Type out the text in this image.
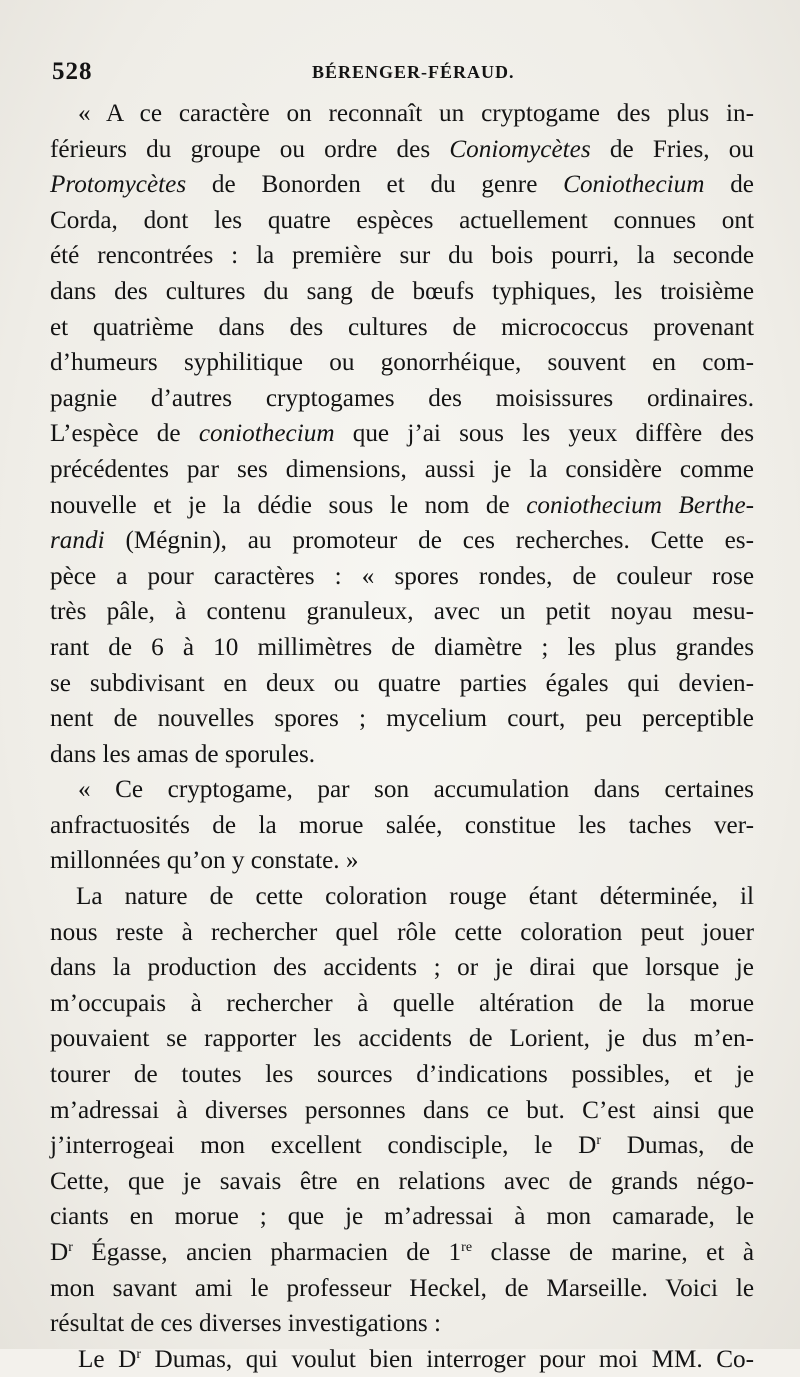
528	BÉRENGER-FÉRAUD.
« A ce caractère on reconnaît un cryptogame des plus in-
férieurs du groupe ou ordre des Coniomycètes de Fries, ou
Protomycètes de Bonorden et du genre Coniothecium de
Corda, dont les quatre espèces actuellement connues ont
été rencontrées : la première sur du bois pourri, la seconde
dans des cultures du sang de bœufs typhiques, les troisième
et quatrième dans des cultures de micrococcus provenant
d’humeurs syphilitique ou gonorrhéique, souvent en com-
pagnie d’autres cryptogames des moisissures ordinaires.
L’espèce de coniothecium que j’ai sous les yeux diffère des
précédentes par ses dimensions, aussi je la considère comme
nouvelle et je la dédie sous le nom de coniothecium Berthe-
randi (Mégnin), au promoteur de ces recherches. Cette es-
pèce a pour caractères : « spores rondes, de couleur rose
très pâle, à contenu granuleux, avec un petit noyau mesu-
rant de 6 à 10 millimètres de diamètre ; les plus grandes
se subdivisant en deux ou quatre parties égales qui devien-
nent de nouvelles spores ; mycelium court, peu perceptible
dans les amas de sporules.
« Ce cryptogame, par son accumulation dans certaines
anfractuosités de la morue salée, constitue les taches ver-
millonnées qu’on y constate. »
La nature de cette coloration rouge étant déterminée, il
nous reste à rechercher quel rôle cette coloration peut jouer
dans la production des accidents ; or je dirai que lorsque je
m’occupais à rechercher à quelle altération de la morue
pouvaient se rapporter les accidents de Lorient, je dus m’en-
tourer de toutes les sources d’indications possibles, et je
m’adressai à diverses personnes dans ce but. C’est ainsi que
j’interrogeai mon excellent condisciple, le $D^r$ Dumas, de
Cette, que je savais être en relations avec de grands négo-
ciants en morue ; que je m’adressai à mon camarade, le
$D^r$ Égasse, ancien pharmacien de 1re classe de marine, et à
mon savant ami le professeur Heckel, de Marseille. Voici le
résultat de ces diverses investigations :
Le $D^r$ Dumas, qui voulut bien interroger pour moi MM. Co-
